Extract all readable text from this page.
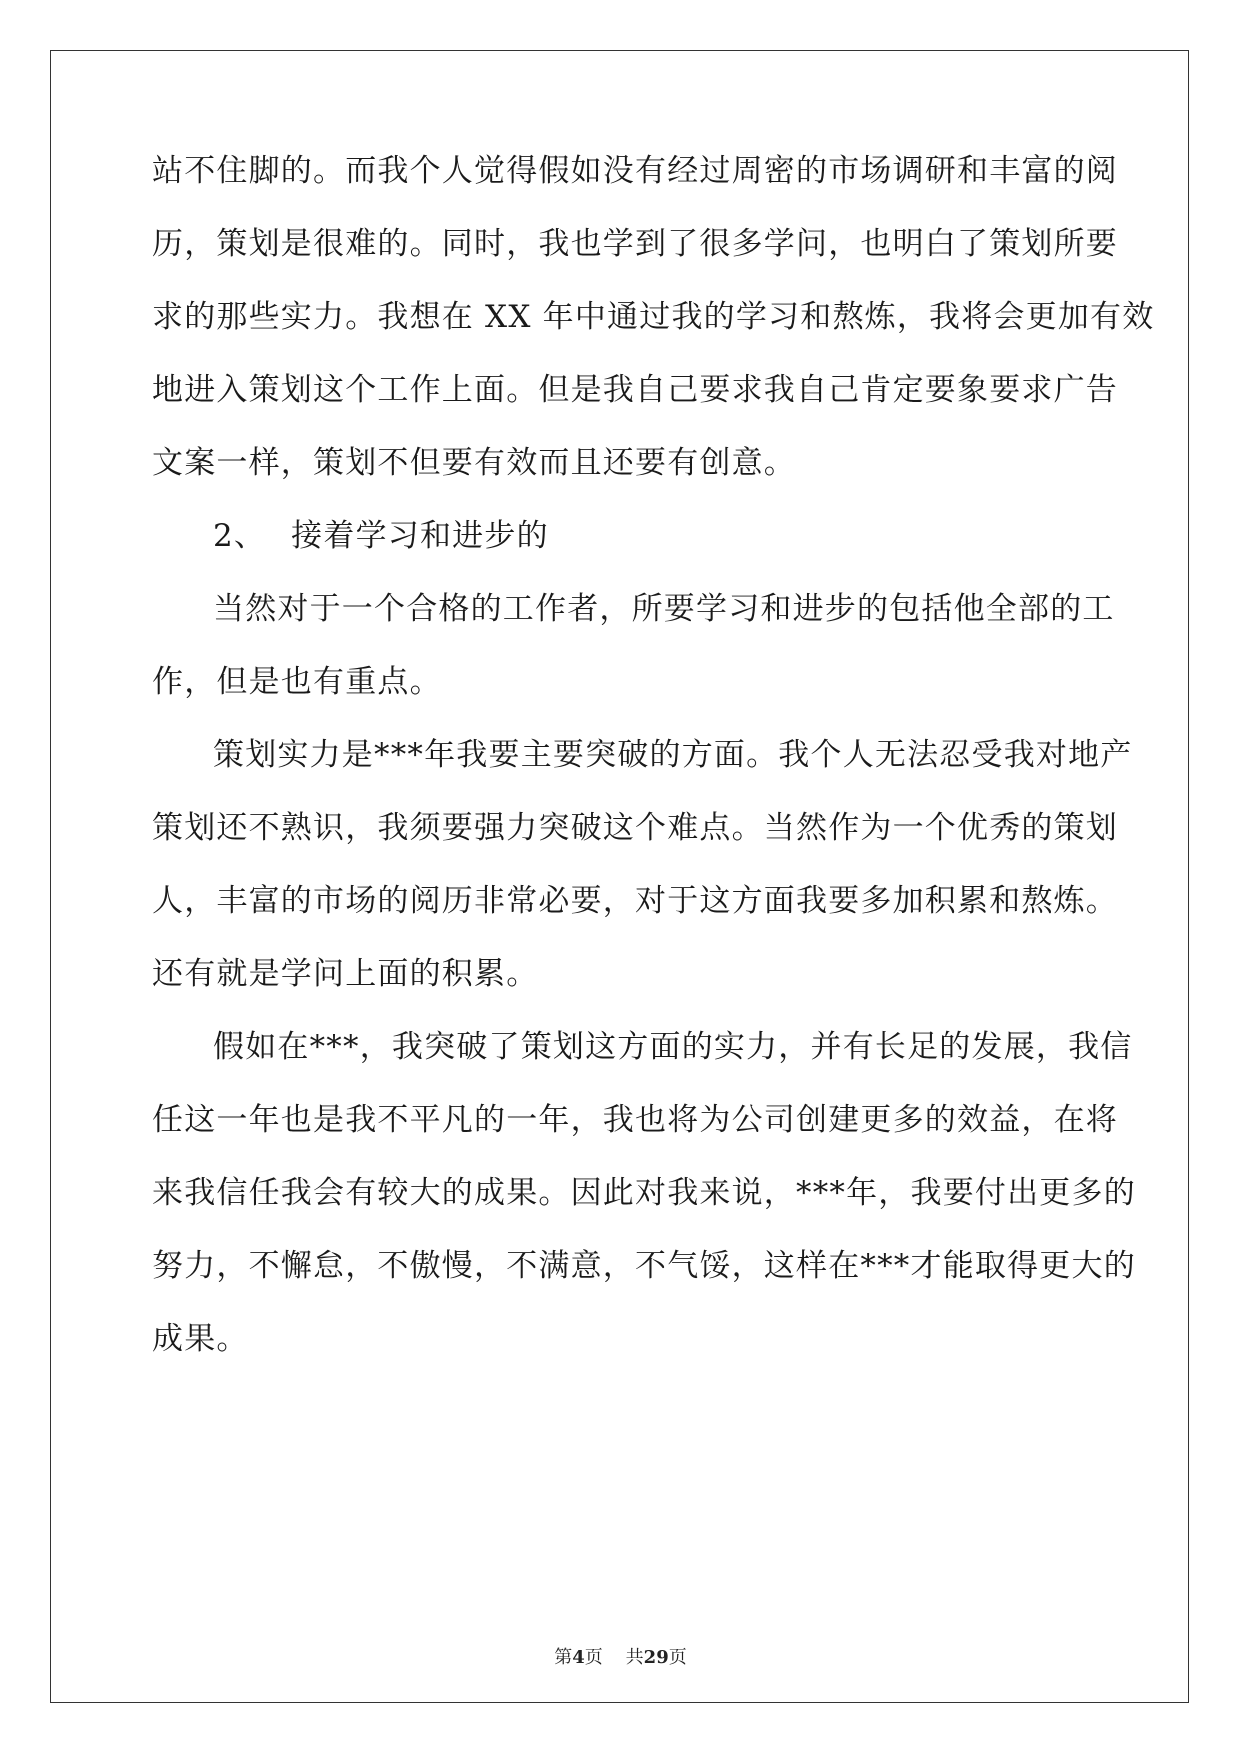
站不住脚的。而我个人觉得假如没有经过周密的市场调研和丰富的阅
历，策划是很难的。同时，我也学到了很多学问，也明白了策划所要
求的那些实力。我想在 XX 年中通过我的学习和熬炼，我将会更加有效
地进入策划这个工作上面。但是我自己要求我自己肯定要象要求广告
文案一样，策划不但要有效而且还要有创意。
2、 接着学习和进步的
当然对于一个合格的工作者，所要学习和进步的包括他全部的工
作，但是也有重点。
策划实力是***年我要主要突破的方面。我个人无法忍受我对地产
策划还不熟识，我须要强力突破这个难点。当然作为一个优秀的策划
人，丰富的市场的阅历非常必要，对于这方面我要多加积累和熬炼。
还有就是学问上面的积累。
假如在***，我突破了策划这方面的实力，并有长足的发展，我信
任这一年也是我不平凡的一年，我也将为公司创建更多的效益，在将
来我信任我会有较大的成果。因此对我来说，***年，我要付出更多的
努力，不懈怠，不傲慢，不满意，不气馁，这样在***才能取得更大的
成果。
第4页 共29页
